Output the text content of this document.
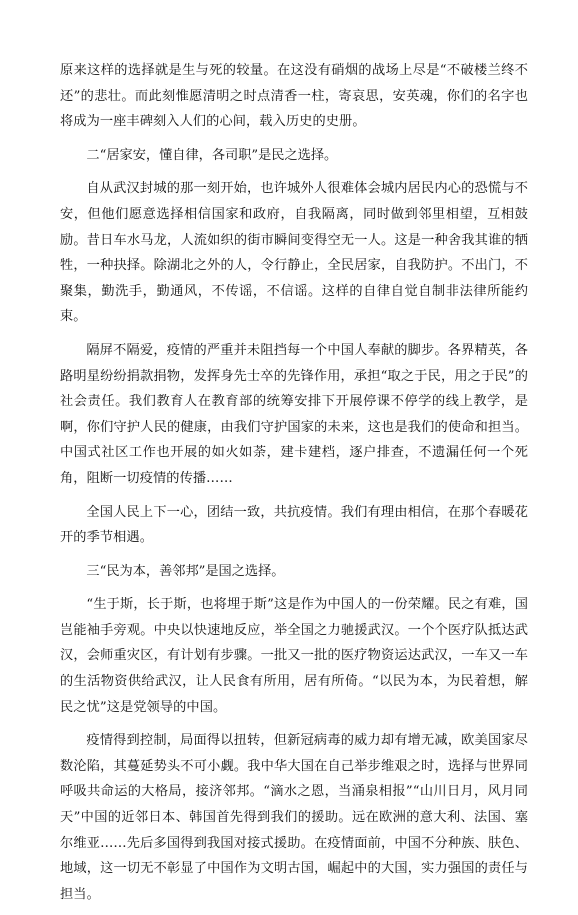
原来这样的选择就是生与死的较量。在这没有硝烟的战场上尽是“不破楼兰终不还”的悲壮。而此刻惟愿清明之时点清香一柱，寄哀思，安英魂，你们的名字也将成为一座丰碑刻入人们的心间，载入历史的史册。

二“居家安，懂自律，各司职”是民之选择。

自从武汉封城的那一刻开始，也许城外人很难体会城内居民内心的恐慌与不安，但他们愿意选择相信国家和政府，自我隔离，同时做到邻里相望，互相鼓励。昔日车水马龙，人流如织的街市瞬间变得空无一人。这是一种舍我其谁的牺牲，一种抉择。除湖北之外的人，令行静止，全民居家，自我防护。不出门，不聚集，勤洗手，勤通风，不传谣，不信谣。这样的自律自觉自制非法律所能约束。

隔屏不隔爱，疫情的严重并未阻挡每一个中国人奉献的脚步。各界精英，各路明星纷纷捐款捐物，发挥身先士卒的先锋作用，承担“取之于民，用之于民”的社会责任。我们教育人在教育部的统筹安排下开展停课不停学的线上教学，是啊，你们守护人民的健康，由我们守护国家的未来，这也是我们的使命和担当。中国式社区工作也开展的如火如荼，建卡建档，逐户排查，不遗漏任何一个死角，阻断一切疫情的传播……

全国人民上下一心，团结一致，共抗疫情。我们有理由相信，在那个春暖花开的季节相遇。

三“民为本，善邻邦”是国之选择。

“生于斯，长于斯，也将埋于斯”这是作为中国人的一份荣耀。民之有难，国岂能袖手旁观。中央以快速地反应，举全国之力驰援武汉。一个个医疗队抵达武汉，会师重灾区，有计划有步骤。一批又一批的医疗物资运达武汉，一车又一车的生活物资供给武汉，让人民食有所用，居有所倚。“以民为本，为民着想，解民之忧”这是党领导的中国。

疫情得到控制，局面得以扭转，但新冠病毒的威力却有增无减，欧美国家尽数沦陷，其蔓延势头不可小觑。我中华大国在自己举步维艰之时，选择与世界同呼吸共命运的大格局，接济邻邦。“滴水之恩，当涌泉相报”“山川日月，风月同天”中国的近邻日本、韩国首先得到我们的援助。远在欧洲的意大利、法国、塞尔维亚……先后多国得到我国对接式援助。在疫情面前，中国不分种族、肤色、地域，这一切无不彰显了中国作为文明古国，崛起中的大国，实力强国的责任与担当。
